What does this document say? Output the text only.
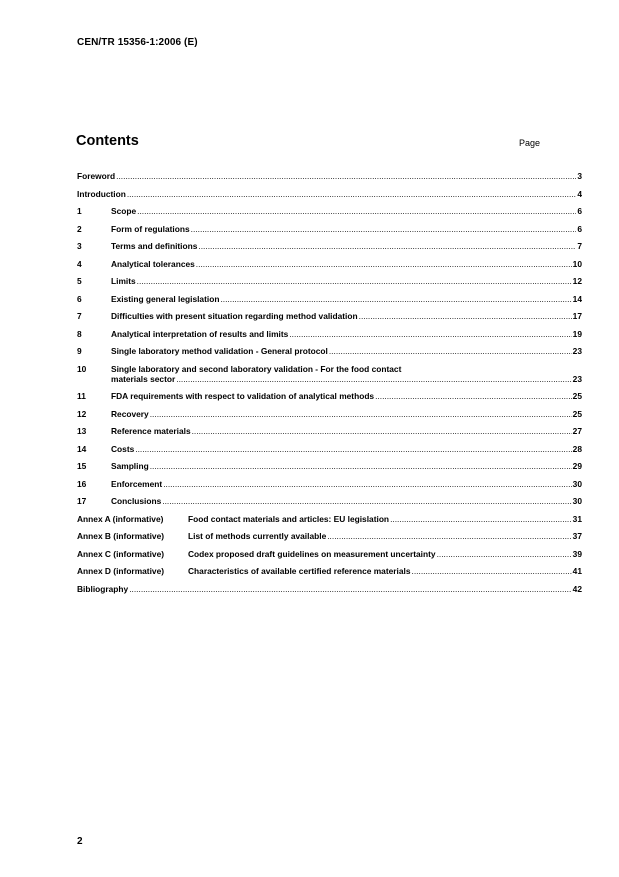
CEN/TR 15356-1:2006 (E)
Contents	Page
Foreword .....	3
Introduction .....	4
1	Scope .....	6
2	Form of regulations .....	6
3	Terms and definitions .....	7
4	Analytical tolerances .....	10
5	Limits .....	12
6	Existing general legislation .....	14
7	Difficulties with present situation regarding method validation .....	17
8	Analytical interpretation of results and limits .....	19
9	Single laboratory method validation - General protocol .....	23
10	Single laboratory and second laboratory validation - For the food contact
materials sector .....	23
11	FDA requirements with respect to validation of analytical methods .....	25
12	Recovery .....	25
13	Reference materials .....	27
14	Costs .....	28
15	Sampling .....	29
16	Enforcement .....	30
17	Conclusions .....	30
Annex A (informative)	Food contact materials and articles: EU legislation .....	31
Annex B (informative)	List of methods currently available .....	37
Annex C (informative)	Codex proposed draft guidelines on measurement uncertainty .....	39
Annex D (informative)	Characteristics of available certified reference materials .....	41
Bibliography .....	42
2
